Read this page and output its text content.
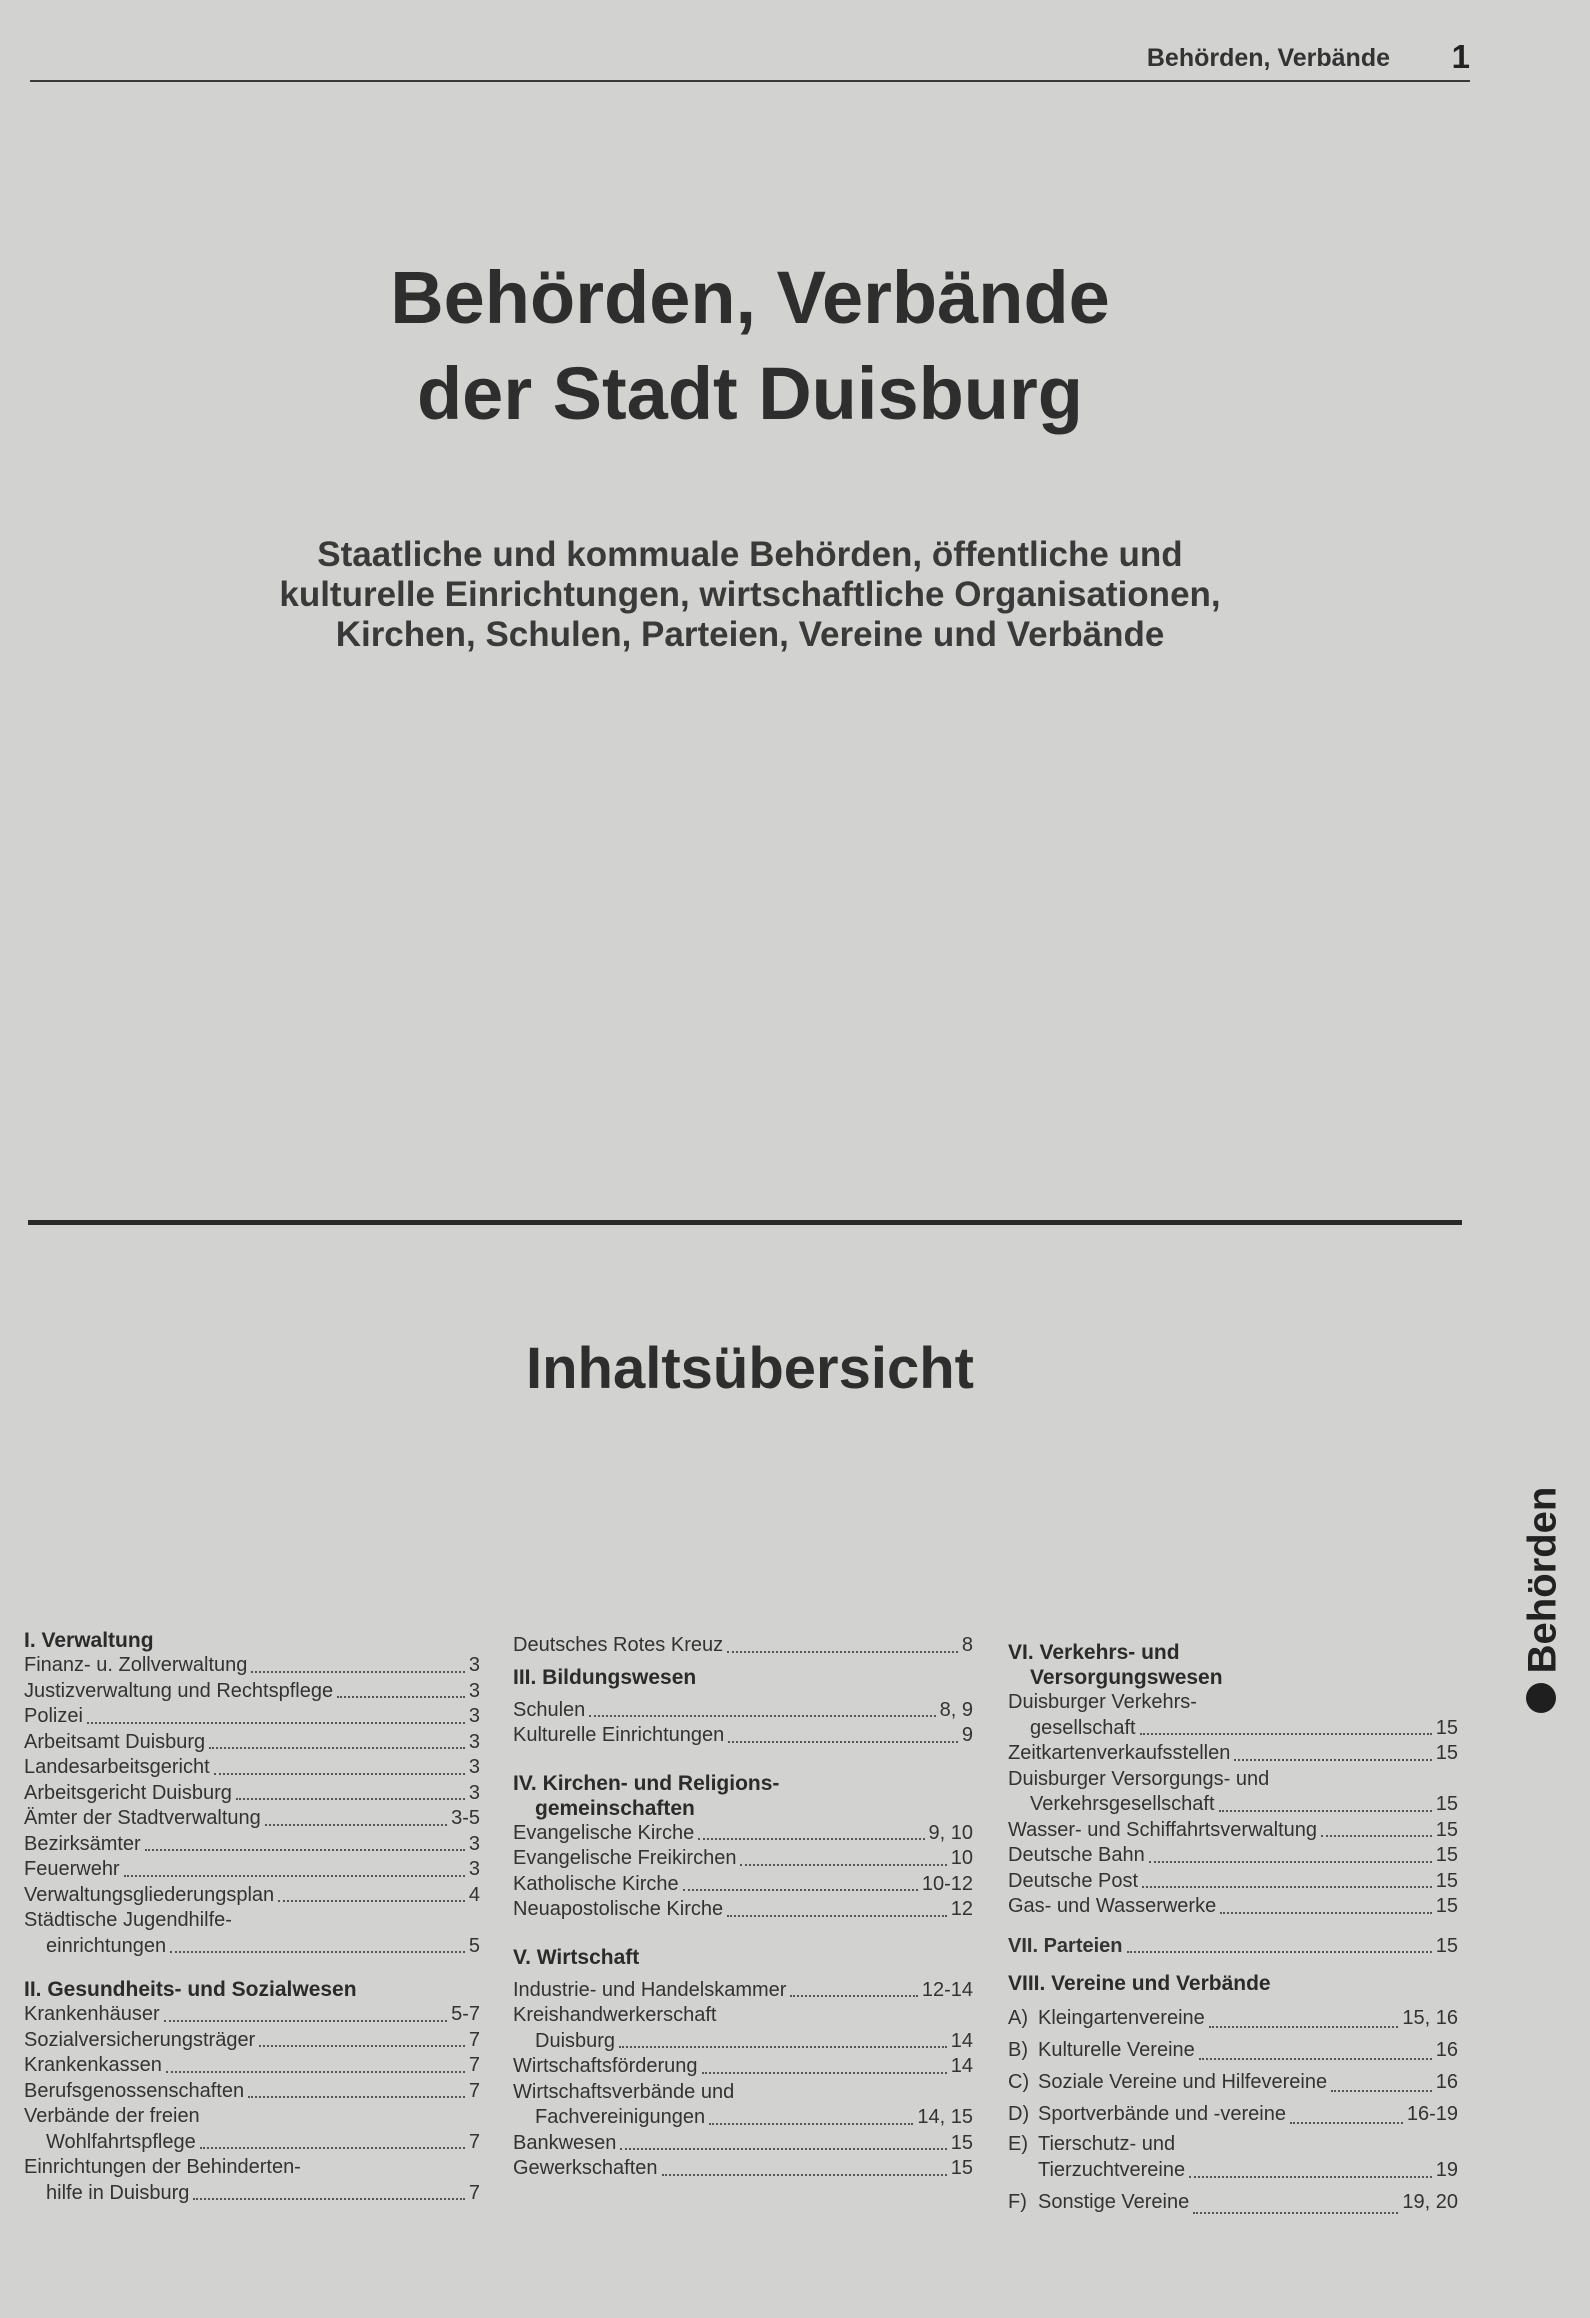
Behörden, Verbände 1
Behörden, Verbände
der Stadt Duisburg
Staatliche und kommuale Behörden, öffentliche und
kulturelle Einrichtungen, wirtschaftliche Organisationen,
Kirchen, Schulen, Parteien, Vereine und Verbände
Inhaltsübersicht
Behörden
I. Verwaltung
Finanz- u. Zollverwaltung	3
Justizverwaltung und Rechtspflege	3
Polizei	3
Arbeitsamt Duisburg	3
Landesarbeitsgericht	3
Arbeitsgericht Duisburg	3
Ämter der Stadtverwaltung	3-5
Bezirksämter	3
Feuerwehr	3
Verwaltungsgliederungsplan	4
Städtische Jugendhilfe-
einrichtungen	5
II. Gesundheits- und Sozialwesen
Krankenhäuser	5-7
Sozialversicherungsträger	7
Krankenkassen	7
Berufsgenossenschaften	7
Verbände der freien
Wohlfahrtspflege	7
Einrichtungen der Behinderten-
hilfe in Duisburg	7
Deutsches Rotes Kreuz	8
III. Bildungswesen
Schulen	8, 9
Kulturelle Einrichtungen	9
IV. Kirchen- und Religions-
gemeinschaften
Evangelische Kirche	9, 10
Evangelische Freikirchen	10
Katholische Kirche	10-12
Neuapostolische Kirche	12
V. Wirtschaft
Industrie- und Handelskammer	12-14
Kreishandwerkerschaft
Duisburg	14
Wirtschaftsförderung	14
Wirtschaftsverbände und
Fachvereinigungen	14, 15
Bankwesen	15
Gewerkschaften	15
VI. Verkehrs- und
Versorgungswesen
Duisburger Verkehrs-
gesellschaft	15
Zeitkartenverkaufsstellen	15
Duisburger Versorgungs- und
Verkehrsgesellschaft	15
Wasser- und Schiffahrtsverwaltung	15
Deutsche Bahn	15
Deutsche Post	15
Gas- und Wasserwerke	15
VII. Parteien	15
VIII. Vereine und Verbände
A) Kleingartenvereine	15, 16
B) Kulturelle Vereine	16
C) Soziale Vereine und Hilfevereine	16
D) Sportverbände und -vereine	16-19
E) Tierschutz- und
Tierzuchtvereine	19
F) Sonstige Vereine	19, 20
